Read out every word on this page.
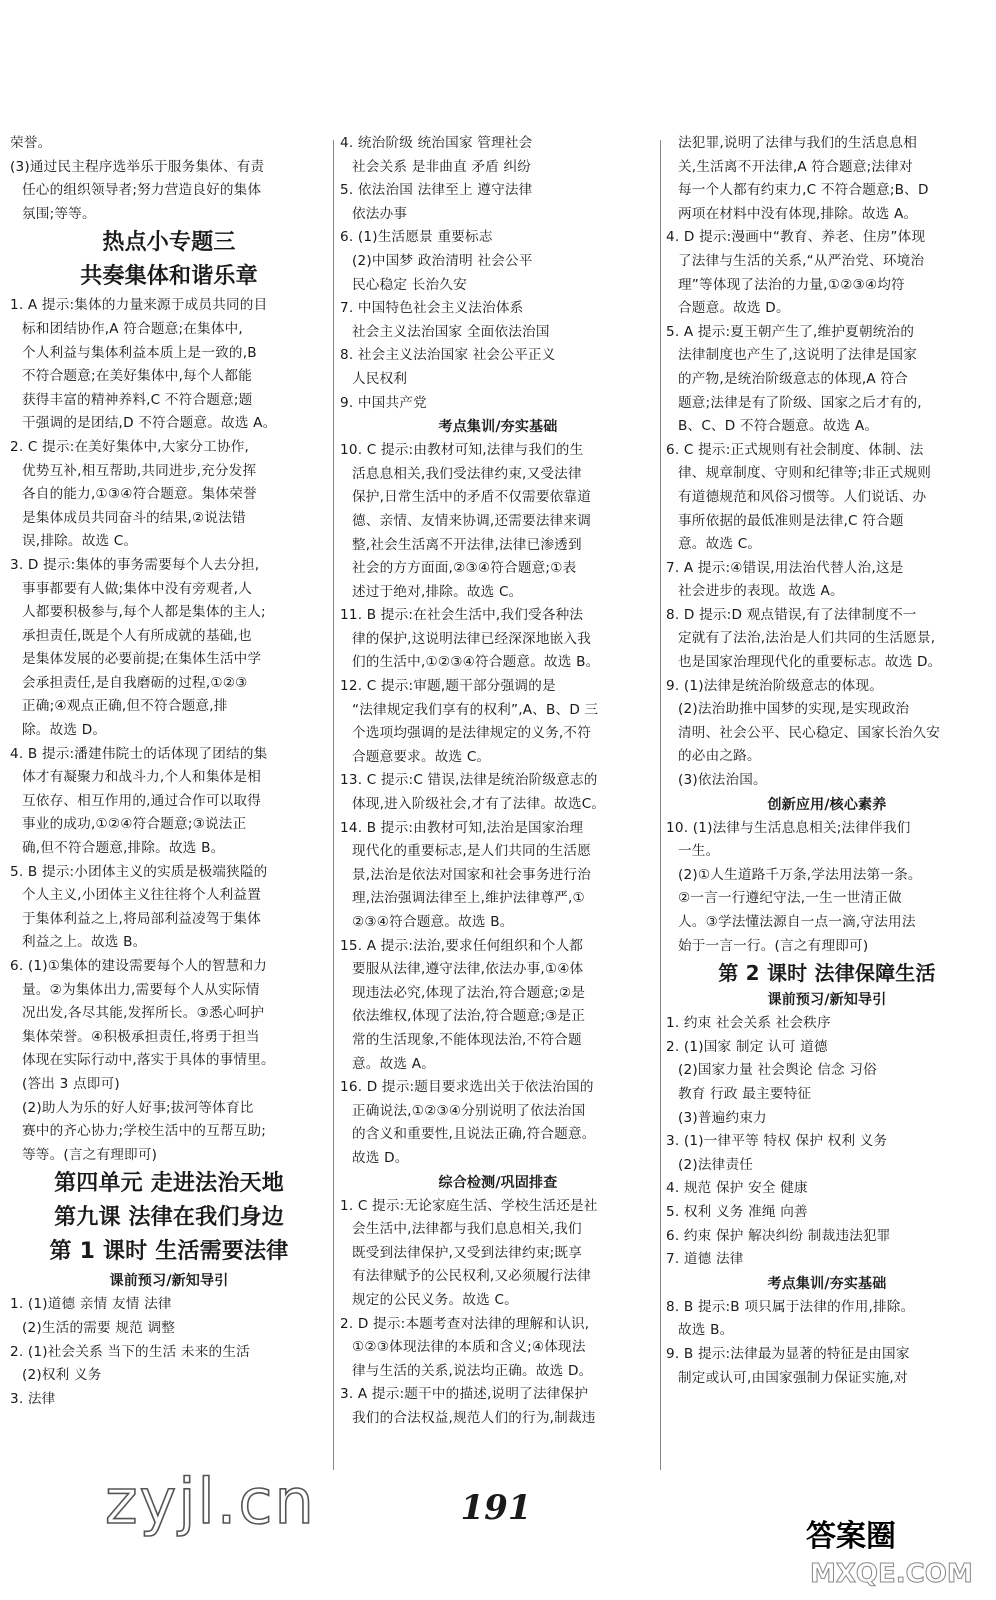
荣誉。
(3)通过民主程序选举乐于服务集体、有责
任心的组织领导者;努力营造良好的集体
氛围;等等。
热点小专题三
共奏集体和谐乐章
1. A 提示:集体的力量来源于成员共同的目
标和团结协作,A 符合题意;在集体中,
个人利益与集体利益本质上是一致的,B
不符合题意;在美好集体中,每个人都能
获得丰富的精神养料,C 不符合题意;题
干强调的是团结,D 不符合题意。故选 A。
2. C 提示:在美好集体中,大家分工协作,
优势互补,相互帮助,共同进步,充分发挥
各自的能力,①③④符合题意。集体荣誉
是集体成员共同奋斗的结果,②说法错
误,排除。故选 C。
3. D 提示:集体的事务需要每个人去分担,
事事都要有人做;集体中没有旁观者,人
人都要积极参与,每个人都是集体的主人;
承担责任,既是个人有所成就的基础,也
是集体发展的必要前提;在集体生活中学
会承担责任,是自我磨砺的过程,①②③
正确;④观点正确,但不符合题意,排
除。故选 D。
4. B 提示:潘建伟院士的话体现了团结的集
体才有凝聚力和战斗力,个人和集体是相
互依存、相互作用的,通过合作可以取得
事业的成功,①②④符合题意;③说法正
确,但不符合题意,排除。故选 B。
5. B 提示:小团体主义的实质是极端狭隘的
个人主义,小团体主义往往将个人利益置
于集体利益之上,将局部利益凌驾于集体
利益之上。故选 B。
6. (1)①集体的建设需要每个人的智慧和力
量。②为集体出力,需要每个人从实际情
况出发,各尽其能,发挥所长。③悉心呵护
集体荣誉。④积极承担责任,将勇于担当
体现在实际行动中,落实于具体的事情里。
(答出 3 点即可)
(2)助人为乐的好人好事;拔河等体育比
赛中的齐心协力;学校生活中的互帮互助;
等等。(言之有理即可)
第四单元 走进法治天地
第九课 法律在我们身边
第 1 课时 生活需要法律
课前预习/新知导引
1. (1)道德 亲情 友情 法律
(2)生活的需要 规范 调整
2. (1)社会关系 当下的生活 未来的生活
(2)权利 义务
3. 法律
4. 统治阶级 统治国家 管理社会
社会关系 是非曲直 矛盾 纠纷
5. 依法治国 法律至上 遵守法律
依法办事
6. (1)生活愿景 重要标志
(2)中国梦 政治清明 社会公平
民心稳定 长治久安
7. 中国特色社会主义法治体系
社会主义法治国家 全面依法治国
8. 社会主义法治国家 社会公平正义
人民权利
9. 中国共产党
考点集训/夯实基础
10. C 提示:由教材可知,法律与我们的生
活息息相关,我们受法律约束,又受法律
保护,日常生活中的矛盾不仅需要依靠道
德、亲情、友情来协调,还需要法律来调
整,社会生活离不开法律,法律已渗透到
社会的方方面面,②③④符合题意;①表
述过于绝对,排除。故选 C。
11. B 提示:在社会生活中,我们受各种法
律的保护,这说明法律已经深深地嵌入我
们的生活中,①②③④符合题意。故选 B。
12. C 提示:审题,题干部分强调的是
“法律规定我们享有的权利”,A、B、D 三
个选项均强调的是法律规定的义务,不符
合题意要求。故选 C。
13. C 提示:C 错误,法律是统治阶级意志的
体现,进入阶级社会,才有了法律。故选C。
14. B 提示:由教材可知,法治是国家治理
现代化的重要标志,是人们共同的生活愿
景,法治是依法对国家和社会事务进行治
理,法治强调法律至上,维护法律尊严,①
②③④符合题意。故选 B。
15. A 提示:法治,要求任何组织和个人都
要服从法律,遵守法律,依法办事,①④体
现违法必究,体现了法治,符合题意;②是
依法维权,体现了法治,符合题意;③是正
常的生活现象,不能体现法治,不符合题
意。故选 A。
16. D 提示:题目要求选出关于依法治国的
正确说法,①②③④分别说明了依法治国
的含义和重要性,且说法正确,符合题意。
故选 D。
综合检测/巩固排查
1. C 提示:无论家庭生活、学校生活还是社
会生活中,法律都与我们息息相关,我们
既受到法律保护,又受到法律约束;既享
有法律赋予的公民权利,又必须履行法律
规定的公民义务。故选 C。
2. D 提示:本题考查对法律的理解和认识,
①②③体现法律的本质和含义;④体现法
律与生活的关系,说法均正确。故选 D。
3. A 提示:题干中的描述,说明了法律保护
我们的合法权益,规范人们的行为,制裁违
法犯罪,说明了法律与我们的生活息息相
关,生活离不开法律,A 符合题意;法律对
每一个人都有约束力,C 不符合题意;B、D
两项在材料中没有体现,排除。故选 A。
4. D 提示:漫画中“教育、养老、住房”体现
了法律与生活的关系,“从严治党、环境治
理”等体现了法治的力量,①②③④均符
合题意。故选 D。
5. A 提示:夏王朝产生了,维护夏朝统治的
法律制度也产生了,这说明了法律是国家
的产物,是统治阶级意志的体现,A 符合
题意;法律是有了阶级、国家之后才有的,
B、C、D 不符合题意。故选 A。
6. C 提示:正式规则有社会制度、体制、法
律、规章制度、守则和纪律等;非正式规则
有道德规范和风俗习惯等。人们说话、办
事所依据的最低准则是法律,C 符合题
意。故选 C。
7. A 提示:④错误,用法治代替人治,这是
社会进步的表现。故选 A。
8. D 提示:D 观点错误,有了法律制度不一
定就有了法治,法治是人们共同的生活愿景,
也是国家治理现代化的重要标志。故选 D。
9. (1)法律是统治阶级意志的体现。
(2)法治助推中国梦的实现,是实现政治
清明、社会公平、民心稳定、国家长治久安
的必由之路。
(3)依法治国。
创新应用/核心素养
10. (1)法律与生活息息相关;法律伴我们
一生。
(2)①人生道路千万条,学法用法第一条。
②一言一行遵纪守法,一生一世清正做
人。③学法懂法源自一点一滴,守法用法
始于一言一行。(言之有理即可)
第 2 课时 法律保障生活
课前预习/新知导引
1. 约束 社会关系 社会秩序
2. (1)国家 制定 认可 道德
(2)国家力量 社会舆论 信念 习俗
教育 行政 最主要特征
(3)普遍约束力
3. (1)一律平等 特权 保护 权利 义务
(2)法律责任
4. 规范 保护 安全 健康
5. 权利 义务 准绳 向善
6. 约束 保护 解决纠纷 制裁违法犯罪
7. 道德 法律
考点集训/夯实基础
8. B 提示:B 项只属于法律的作用,排除。
故选 B。
9. B 提示:法律最为显著的特征是由国家
制定或认可,由国家强制力保证实施,对
191
zyjl.cn	答案圈
MXQE.COM
